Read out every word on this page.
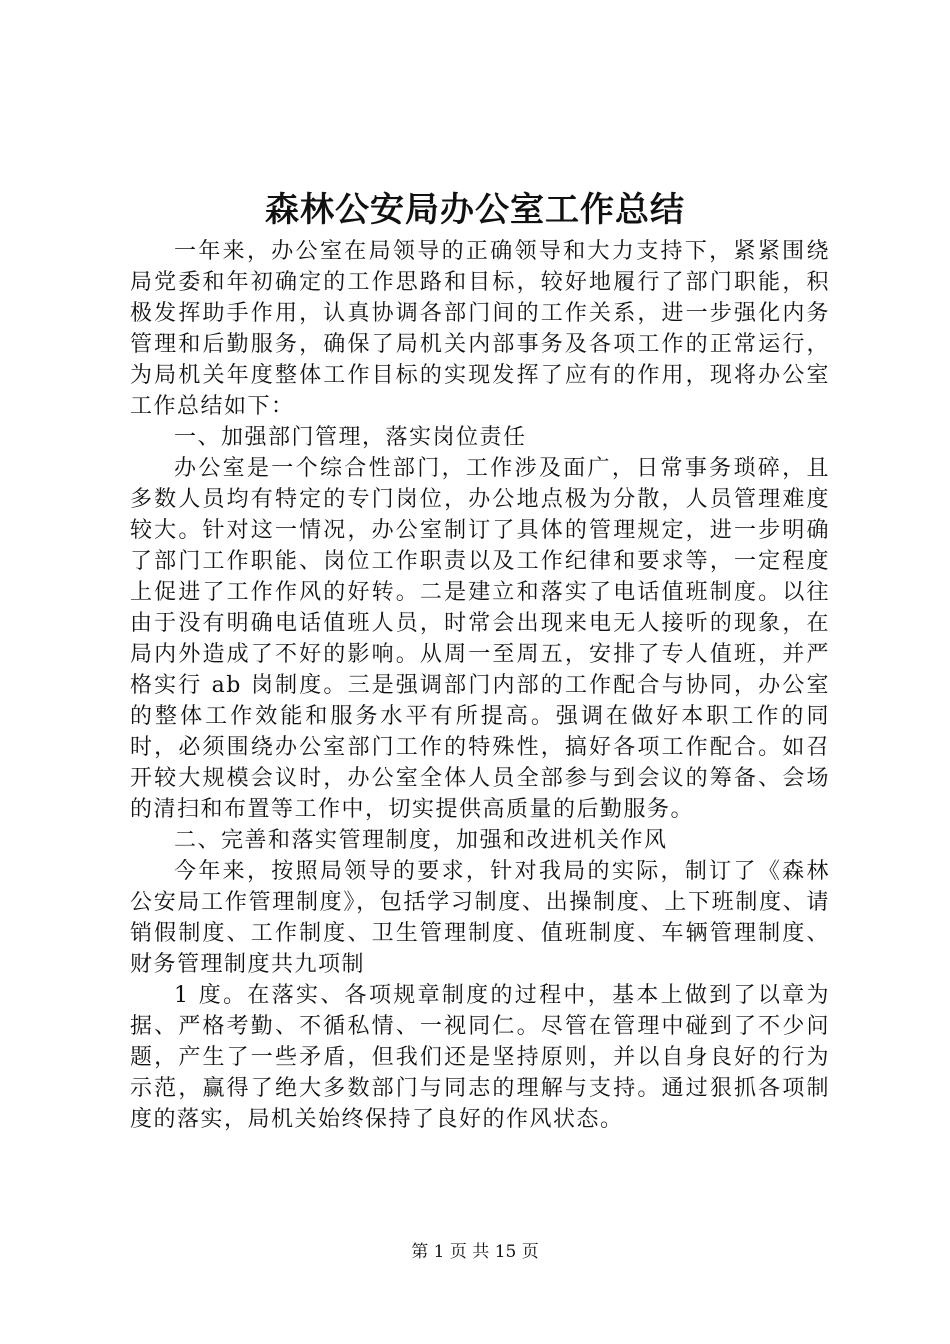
森林公安局办公室工作总结

一年来，办公室在局领导的正确领导和大力支持下，紧紧围绕局党委和年初确定的工作思路和目标，较好地履行了部门职能，积极发挥助手作用，认真协调各部门间的工作关系，进一步强化内务管理和后勤服务，确保了局机关内部事务及各项工作的正常运行，为局机关年度整体工作目标的实现发挥了应有的作用，现将办公室工作总结如下：

一、加强部门管理，落实岗位责任

办公室是一个综合性部门，工作涉及面广，日常事务琐碎，且多数人员均有特定的专门岗位，办公地点极为分散，人员管理难度较大。针对这一情况，办公室制订了具体的管理规定，进一步明确了部门工作职能、岗位工作职责以及工作纪律和要求等，一定程度上促进了工作作风的好转。二是建立和落实了电话值班制度。以往由于没有明确电话值班人员，时常会出现来电无人接听的现象，在局内外造成了不好的影响。从周一至周五，安排了专人值班，并严格实行 ab 岗制度。三是强调部门内部的工作配合与协同，办公室的整体工作效能和服务水平有所提高。强调在做好本职工作的同时，必须围绕办公室部门工作的特殊性，搞好各项工作配合。如召开较大规模会议时，办公室全体人员全部参与到会议的筹备、会场的清扫和布置等工作中，切实提供高质量的后勤服务。

二、完善和落实管理制度，加强和改进机关作风

今年来，按照局领导的要求，针对我局的实际，制订了《森林公安局工作管理制度》，包括学习制度、出操制度、上下班制度、请销假制度、工作制度、卫生管理制度、值班制度、车辆管理制度、财务管理制度共九项制

1 度。在落实、各项规章制度的过程中，基本上做到了以章为据、严格考勤、不循私情、一视同仁。尽管在管理中碰到了不少问题，产生了一些矛盾，但我们还是坚持原则，并以自身良好的行为示范，赢得了绝大多数部门与同志的理解与支持。通过狠抓各项制度的落实，局机关始终保持了良好的作风状态。

第 1 页 共 15 页
